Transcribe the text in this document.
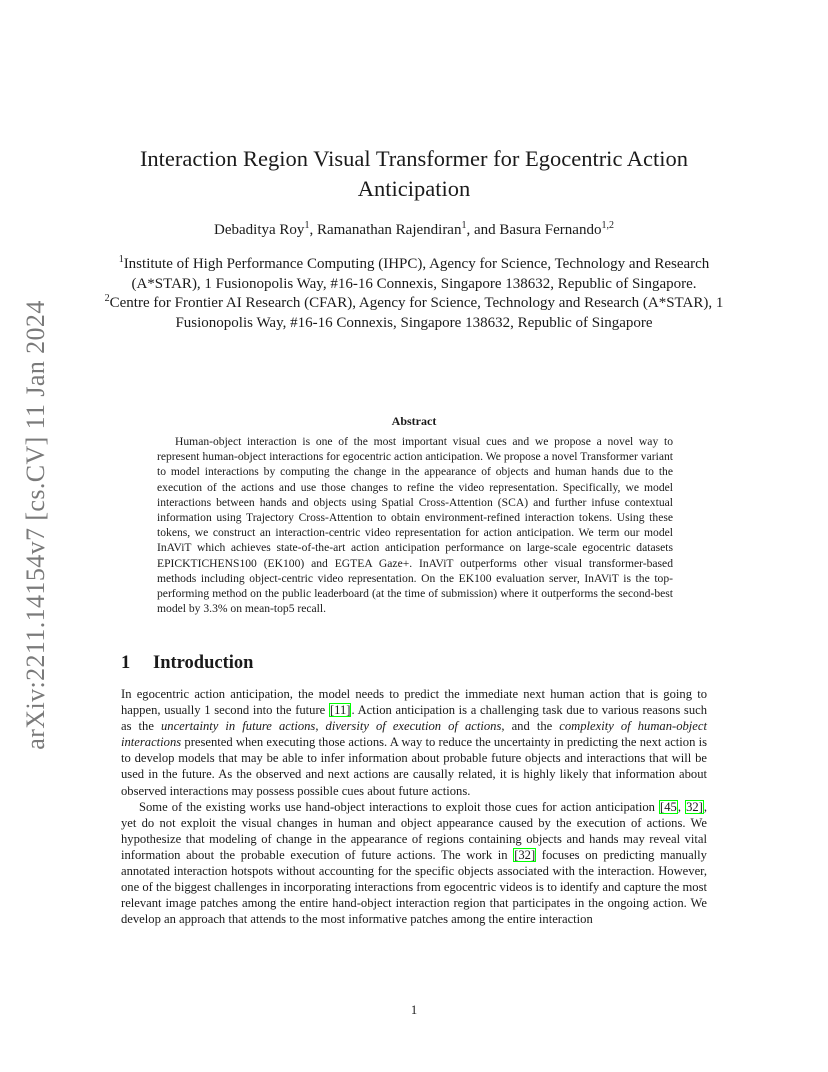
arXiv:2211.14154v7 [cs.CV] 11 Jan 2024
Interaction Region Visual Transformer for Egocentric Action
Anticipation
Debaditya Roy$^1$, Ramanathan Rajendiran$^1$, and Basura Fernando$^{1,2}$

$^1$Institute of High Performance Computing (IHPC), Agency for Science, Technology and Research (A*STAR), 1 Fusionopolis Way, #16-16 Connexis, Singapore 138632, Republic of Singapore.

$^2$Centre for Frontier AI Research (CFAR), Agency for Science, Technology and Research (A*STAR), 1 Fusionopolis Way, #16-16 Connexis, Singapore 138632, Republic of Singapore

Abstract

Human-object interaction is one of the most important visual cues and we propose a novel way to represent human-object interactions for egocentric action anticipation. We propose a novel Transformer variant to model interactions by computing the change in the appearance of objects and human hands due to the execution of the actions and use those changes to refine the video representation. Specifically, we model interactions between hands and objects using Spatial Cross-Attention (SCA) and further infuse contextual information using Trajectory Cross-Attention to obtain environment-refined interaction tokens. Using these tokens, we construct an interaction-centric video representation for action anticipation. We term our model InAViT which achieves state-of-the-art action anticipation performance on large-scale egocentric datasets EPICKTICHENS100 (EK100) and EGTEA Gaze+. InAViT outperforms other visual transformer-based methods including object-centric video representation. On the EK100 evaluation server, InAViT is the top-performing method on the public leaderboard (at the time of submission) where it outperforms the second-best model by 3.3% on mean-top5 recall.

1 Introduction

In egocentric action anticipation, the model needs to predict the immediate next human action that is going to happen, usually 1 second into the future [11]. Action anticipation is a challenging task due to various reasons such as the uncertainty in future actions, diversity of execution of actions, and the complexity of human-object interactions presented when executing those actions. A way to reduce the uncertainty in predicting the next action is to develop models that may be able to infer information about probable future objects and interactions that will be used in the future. As the observed and next actions are causally related, it is highly likely that information about observed interactions may possess possible cues about future actions.

Some of the existing works use hand-object interactions to exploit those cues for action anticipation [45, 32], yet do not exploit the visual changes in human and object appearance caused by the execution of actions. We hypothesize that modeling of change in the appearance of regions containing objects and hands may reveal vital information about the probable execution of future actions. The work in [32] focuses on predicting manually annotated interaction hotspots without accounting for the specific objects associated with the interaction. However, one of the biggest challenges in incorporating interactions from egocentric videos is to identify and capture the most relevant image patches among the entire hand-object interaction region that participates in the ongoing action. We develop an approach that attends to the most informative patches among the entire interaction

1
